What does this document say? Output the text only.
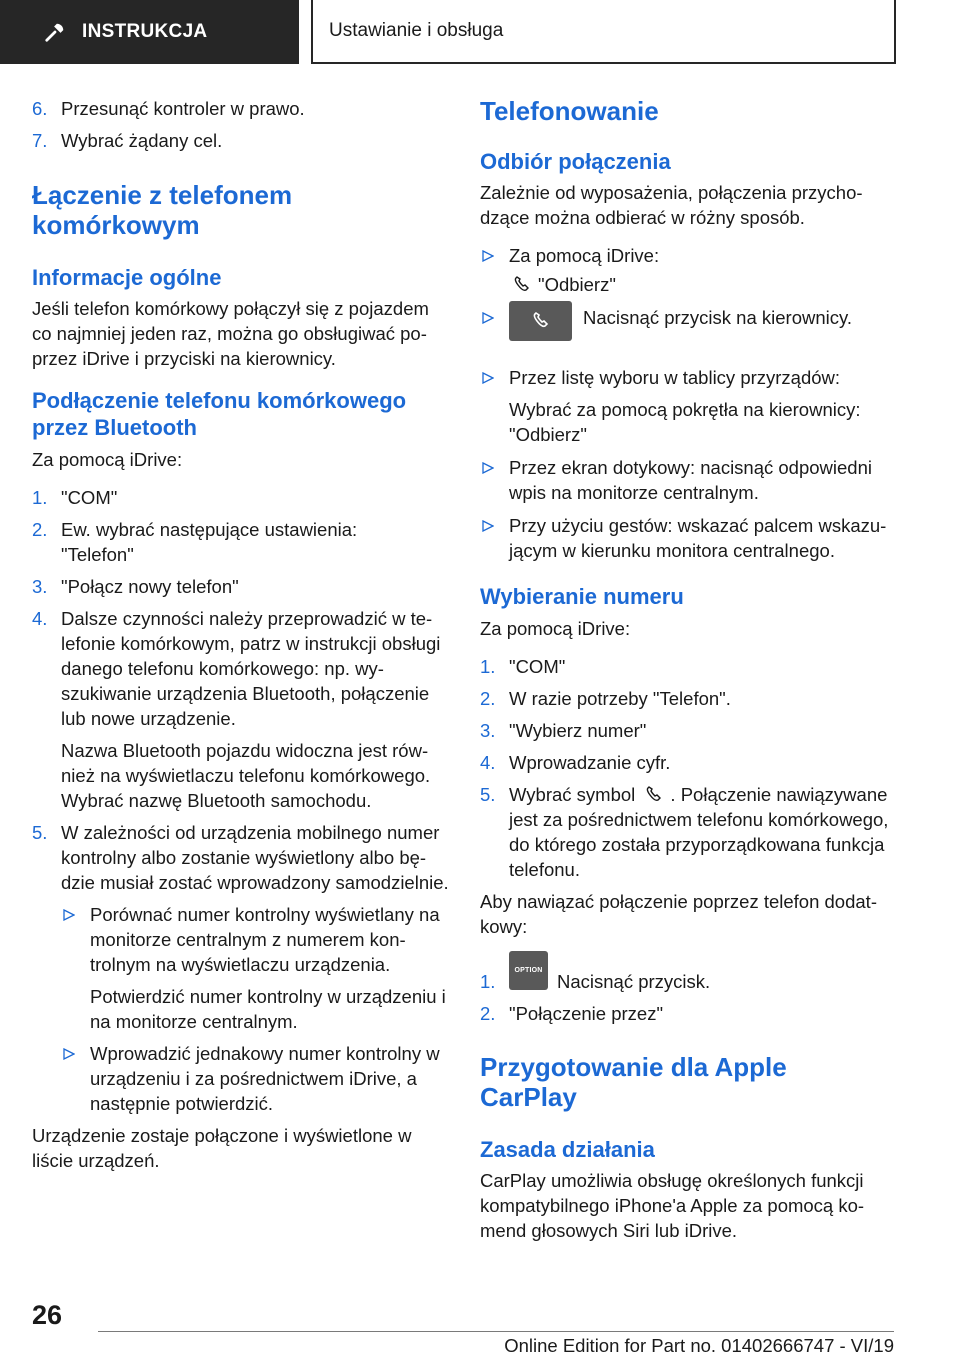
INSTRUKCJA	Ustawianie i obsługa
6. Przesunąć kontroler w prawo.
7. Wybrać żądany cel.
Łączenie z telefonem komórkowym
Informacje ogólne
Jeśli telefon komórkowy połączył się z pojazdem co najmniej jeden raz, można go obsługiwać poprzez iDrive i przyciski na kierownicy.
Podłączenie telefonu komórkowego przez Bluetooth
Za pomocą iDrive:
1. "COM"
2. Ew. wybrać następujące ustawienia: "Telefon"
3. "Połącz nowy telefon"
4. Dalsze czynności należy przeprowadzić w telefonie komórkowym, patrz w instrukcji obsługi danego telefonu komórkowego: np. wyszukiwanie urządzenia Bluetooth, połączenie lub nowe urządzenie.
Nazwa Bluetooth pojazdu widoczna jest również na wyświetlaczu telefonu komórkowego. Wybrać nazwę Bluetooth samochodu.
5. W zależności od urządzenia mobilnego numer kontrolny albo zostanie wyświetlony albo będzie musiał zostać wprowadzony samodzielnie.
Porównać numer kontrolny wyświetlany na monitorze centralnym z numerem kontrolnym na wyświetlaczu urządzenia.
Potwierdzić numer kontrolny w urządzeniu i na monitorze centralnym.
Wprowadzić jednakowy numer kontrolny w urządzeniu i za pośrednictwem iDrive, a następnie potwierdzić.
Urządzenie zostaje połączone i wyświetlone w liście urządzeń.
Telefonowanie
Odbiór połączenia
Zależnie od wyposażenia, połączenia przychodzące można odbierać w różny sposób.
Za pomocą iDrive:
"Odbierz"
Nacisnąć przycisk na kierownicy.
Przez listę wyboru w tablicy przyrządów:
Wybrać za pomocą pokrętła na kierownicy: "Odbierz"
Przez ekran dotykowy: nacisnąć odpowiedni wpis na monitorze centralnym.
Przy użyciu gestów: wskazać palcem wskazującym w kierunku monitora centralnego.
Wybieranie numeru
Za pomocą iDrive:
1. "COM"
2. W razie potrzeby "Telefon".
3. "Wybierz numer"
4. Wprowadzanie cyfr.
5. Wybrać symbol . Połączenie nawiązywane jest za pośrednictwem telefonu komórkowego, do którego została przyporządkowana funkcja telefonu.
Aby nawiązać połączenie poprzez telefon dodatkowy:
1.
OPTION
Nacisnąć przycisk.
2. "Połączenie przez"
Przygotowanie dla Apple CarPlay
Zasada działania
CarPlay umożliwia obsługę określonych funkcji kompatybilnego iPhone'a Apple za pomocą komend głosowych Siri lub iDrive.
26
Online Edition for Part no. 01402666747 - VI/19
